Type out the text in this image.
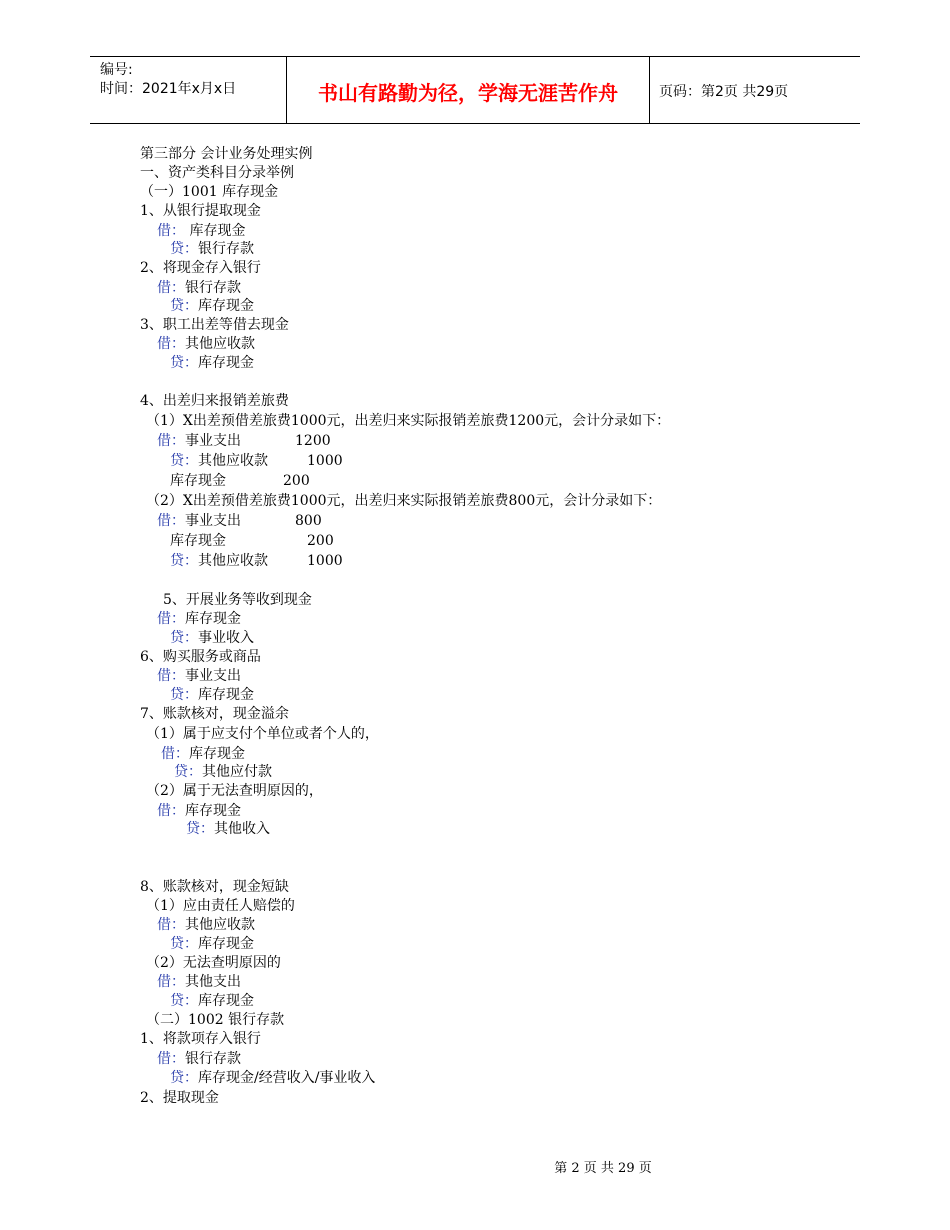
编号:
时间：2021年x月x日	书山有路勤为径，学海无涯苦作舟	页码：第2页 共29页
第三部分 会计业务处理实例
一、资产类科目分录举例
（一）1001 库存现金
1、从银行提取现金
借： 库存现金
贷：银行存款
2、将现金存入银行
借：银行存款
贷：库存现金
3、职工出差等借去现金
借：其他应收款
贷：库存现金
4、出差归来报销差旅费
（1）X出差预借差旅费1000元，出差归来实际报销差旅费1200元，会计分录如下：
借：事业支出	1200
贷：其他应收款	1000
库存现金	200
（2）X出差预借差旅费1000元，出差归来实际报销差旅费800元，会计分录如下：
借：事业支出	800
库存现金	200
贷：其他应收款	1000
5、开展业务等收到现金
借：库存现金
贷：事业收入
6、购买服务或商品
借：事业支出
贷：库存现金
7、账款核对，现金溢余
（1）属于应支付个单位或者个人的，
借：库存现金
贷：其他应付款
（2）属于无法查明原因的，
借：库存现金
贷：其他收入
8、账款核对，现金短缺
（1）应由责任人赔偿的
借：其他应收款
贷：库存现金
（2）无法查明原因的
借：其他支出
贷：库存现金
（二）1002 银行存款
1、将款项存入银行
借：银行存款
贷：库存现金/经营收入/事业收入
2、提取现金
第 2 页 共 29 页
